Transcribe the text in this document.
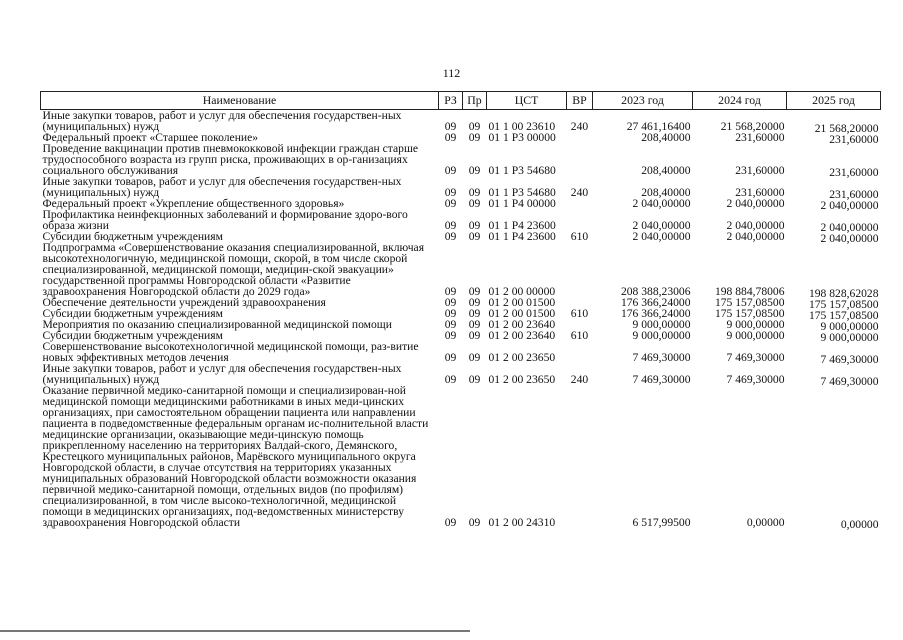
112
Наименование	РЗ	Пр	ЦСТ	ВР	2023 год	2024 год	2025 год
Иные закупки товаров, работ и услуг для обеспечения государствен-ных (муниципальных) нужд	09	09	01 1 00 23610	240	27 461,16400	21 568,20000	21 568,20000
Федеральный проект «Старшее поколение»	09	09	01 1 P3 00000		208,40000	231,60000	231,60000
Проведение вакцинации против пневмококковой инфекции граждан старше трудоспособного возраста из групп риска, проживающих в ор-ганизациях социального обслуживания	09	09	01 1 P3 54680		208,40000	231,60000	231,60000
Иные закупки товаров, работ и услуг для обеспечения государствен-ных (муниципальных) нужд	09	09	01 1 P3 54680	240	208,40000	231,60000	231,60000
Федеральный проект «Укрепление общественного здоровья»	09	09	01 1 P4 00000		2 040,00000	2 040,00000	2 040,00000
Профилактика неинфекционных заболеваний и формирование здоро-вого образа жизни	09	09	01 1 P4 23600		2 040,00000	2 040,00000	2 040,00000
Субсидии бюджетным учреждениям	09	09	01 1 P4 23600	610	2 040,00000	2 040,00000	2 040,00000
Подпрограмма «Совершенствование оказания специализированной, включая высокотехнологичную, медицинской помощи, скорой, в том числе скорой специализированной, медицинской помощи, медицин-ской эвакуации» государственной программы Новгородской области «Развитие здравоохранения Новгородской области до 2029 года»	09	09	01 2 00 00000		208 388,23006	198 884,78006	198 828,62028
Обеспечение деятельности учреждений здравоохранения	09	09	01 2 00 01500		176 366,24000	175 157,08500	175 157,08500
Субсидии бюджетным учреждениям	09	09	01 2 00 01500	610	176 366,24000	175 157,08500	175 157,08500
Мероприятия по оказанию специализированной медицинской помощи	09	09	01 2 00 23640		9 000,00000	9 000,00000	9 000,00000
Субсидии бюджетным учреждениям	09	09	01 2 00 23640	610	9 000,00000	9 000,00000	9 000,00000
Совершенствование высокотехнологичной медицинской помощи, раз-витие новых эффективных методов лечения	09	09	01 2 00 23650		7 469,30000	7 469,30000	7 469,30000
Иные закупки товаров, работ и услуг для обеспечения государствен-ных (муниципальных) нужд	09	09	01 2 00 23650	240	7 469,30000	7 469,30000	7 469,30000
Оказание первичной медико-санитарной помощи и специализирован-ной медицинской помощи медицинскими работниками в иных меди-цинских организациях, при самостоятельном обращении пациента или направлении пациента в подведомственные федеральным органам ис-полнительной власти медицинские организации, оказывающие меди-цинскую помощь прикрепленному населению на территориях Валдай-ского, Демянского, Крестецкого муниципальных районов, Марёвского муниципального округа Новгородской области, в случае отсутствия на территориях указанных муниципальных образований Новгородской области возможности оказания первичной медико-санитарной помощи, отдельных видов (по профилям) специализированной, в том числе высоко-технологичной, медицинской помощи в медицинских организациях, под-ведомственных министерству здравоохранения Новгородской области	09	09	01 2 00 24310		6 517,99500	0,00000	0,00000
